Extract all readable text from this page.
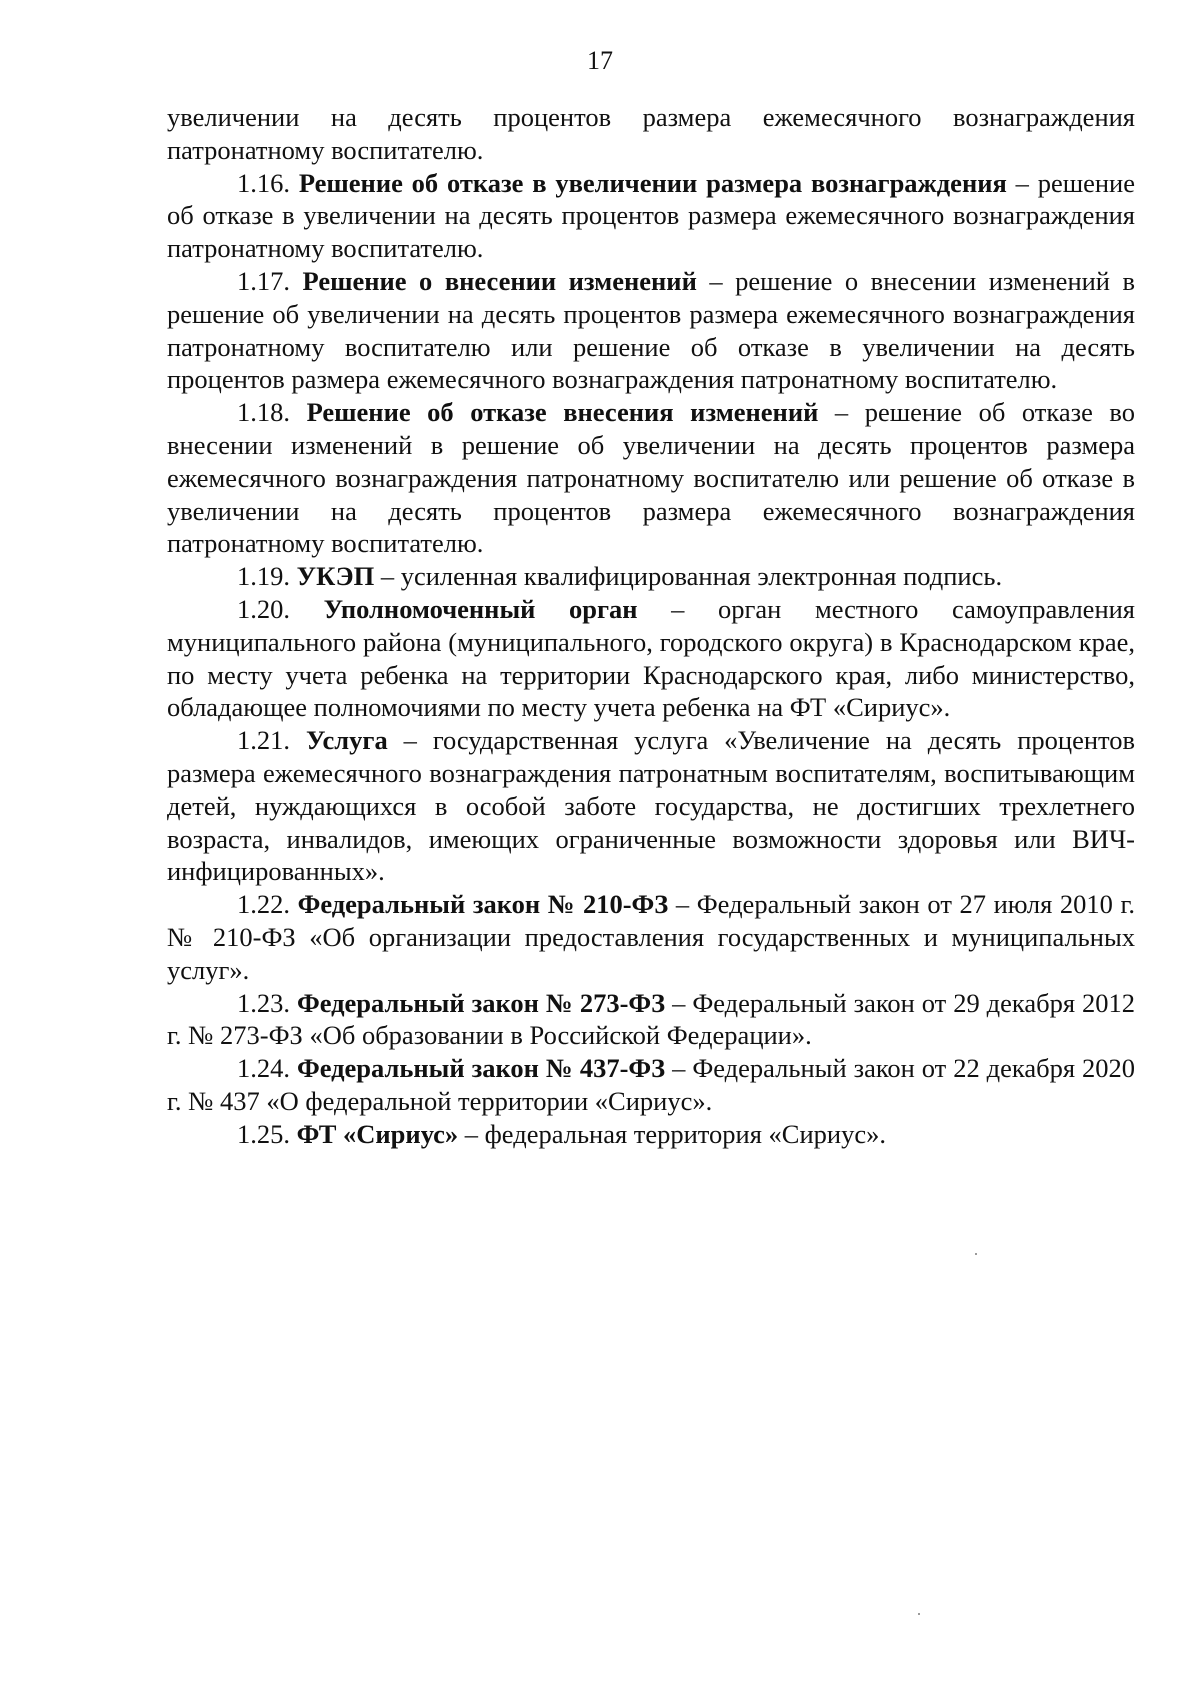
17

увеличении на десять процентов размера ежемесячного вознаграждения патронатному воспитателю.

1.16. Решение об отказе в увеличении размера вознаграждения – решение об отказе в увеличении на десять процентов размера ежемесячного вознаграждения патронатному воспитателю.

1.17. Решение о внесении изменений – решение о внесении изменений в решение об увеличении на десять процентов размера ежемесячного вознаграждения патронатному воспитателю или решение об отказе в увеличении на десять процентов размера ежемесячного вознаграждения патронатному воспитателю.

1.18. Решение об отказе внесения изменений – решение об отказе во внесении изменений в решение об увеличении на десять процентов размера ежемесячного вознаграждения патронатному воспитателю или решение об отказе в увеличении на десять процентов размера ежемесячного вознаграждения патронатному воспитателю.

1.19. УКЭП – усиленная квалифицированная электронная подпись.

1.20. Уполномоченный орган – орган местного самоуправления муниципального района (муниципального, городского округа) в Краснодарском крае, по месту учета ребенка на территории Краснодарского края, либо министерство, обладающее полномочиями по месту учета ребенка на ФТ «Сириус».

1.21. Услуга – государственная услуга «Увеличение на десять процентов размера ежемесячного вознаграждения патронатным воспитателям, воспитывающим детей, нуждающихся в особой заботе государства, не достигших трехлетнего возраста, инвалидов, имеющих ограниченные возможности здоровья или ВИЧ-инфицированных».

1.22. Федеральный закон № 210-ФЗ – Федеральный закон от 27 июля 2010 г. № 210-ФЗ «Об организации предоставления государственных и муниципальных услуг».

1.23. Федеральный закон № 273-ФЗ – Федеральный закон от 29 декабря 2012 г. № 273-ФЗ «Об образовании в Российской Федерации».

1.24. Федеральный закон № 437-ФЗ – Федеральный закон от 22 декабря 2020 г. № 437 «О федеральной территории «Сириус».

1.25. ФТ «Сириус» – федеральная территория «Сириус».
